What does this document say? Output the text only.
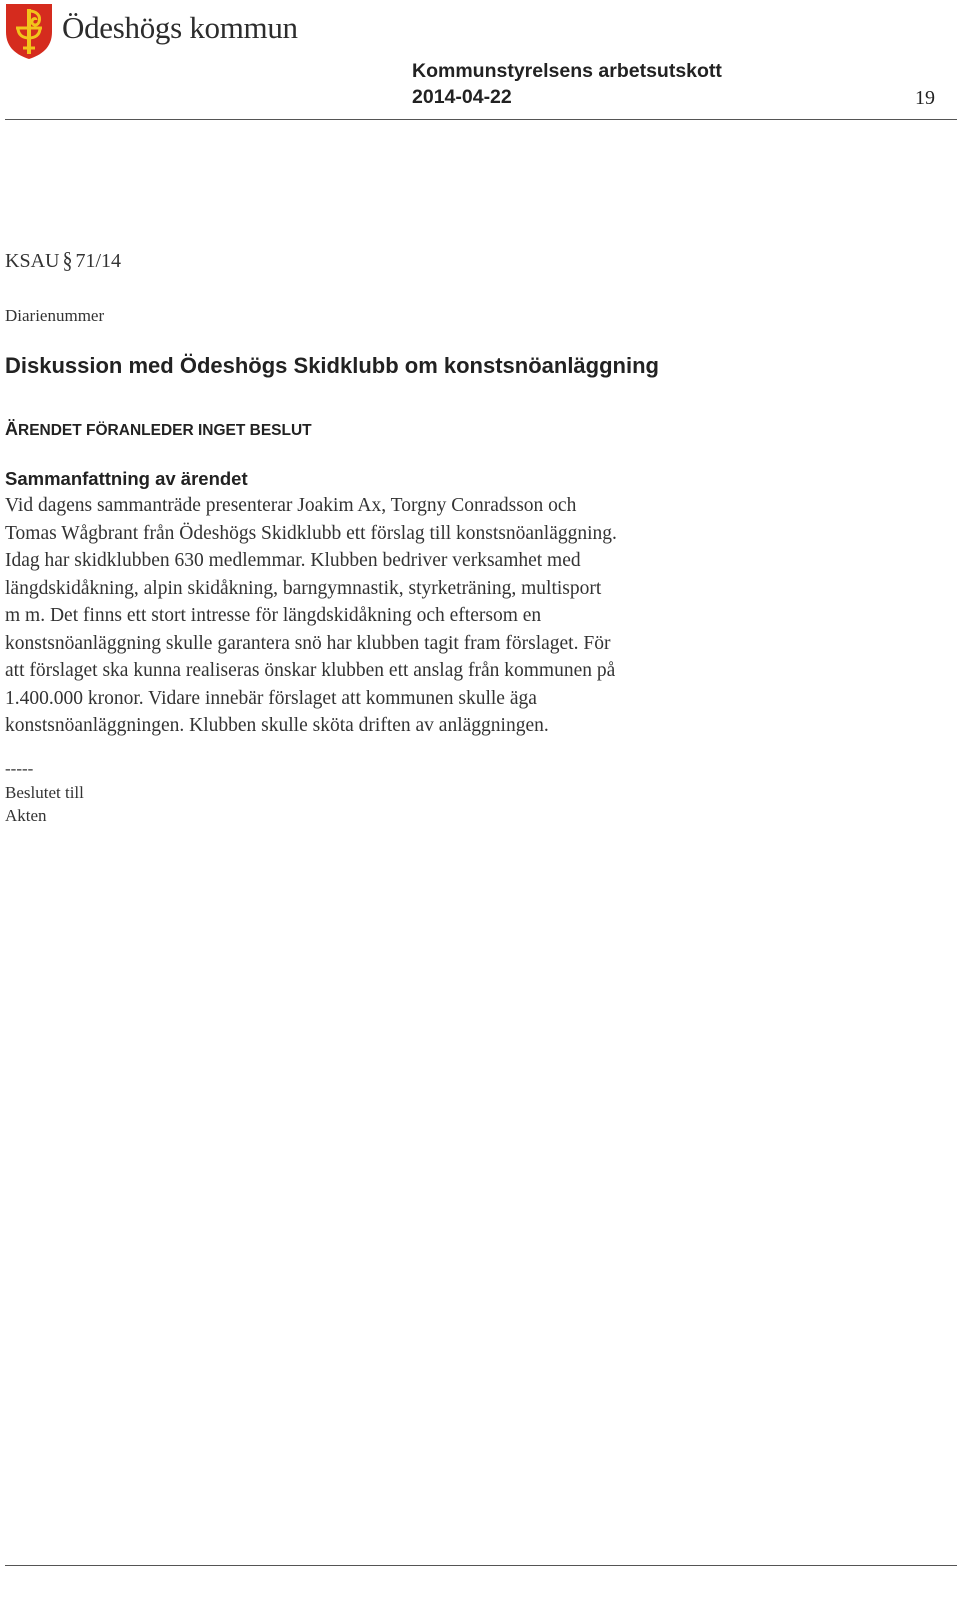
Ödeshögs kommun
Kommunstyrelsens arbetsutskott
2014-04-22	19
KSAU § 71/14
Diarienummer
Diskussion med Ödeshögs Skidklubb om konstsnöanläggning
ÄRENDET FÖRANLEDER INGET BESLUT
Sammanfattning av ärendet
Vid dagens sammanträde presenterar Joakim Ax, Torgny Conradsson och
Tomas Wågbrant från Ödeshögs Skidklubb ett förslag till konstsnöanläggning.
Idag har skidklubben 630 medlemmar. Klubben bedriver verksamhet med
längdskidåkning, alpin skidåkning, barngymnastik, styrketräning, multisport
m m. Det finns ett stort intresse för längdskidåkning och eftersom en
konstsnöanläggning skulle garantera snö har klubben tagit fram förslaget. För
att förslaget ska kunna realiseras önskar klubben ett anslag från kommunen på
1.400.000 kronor. Vidare innebär förslaget att kommunen skulle äga
konstsnöanläggningen. Klubben skulle sköta driften av anläggningen.
-----
Beslutet till
Akten
